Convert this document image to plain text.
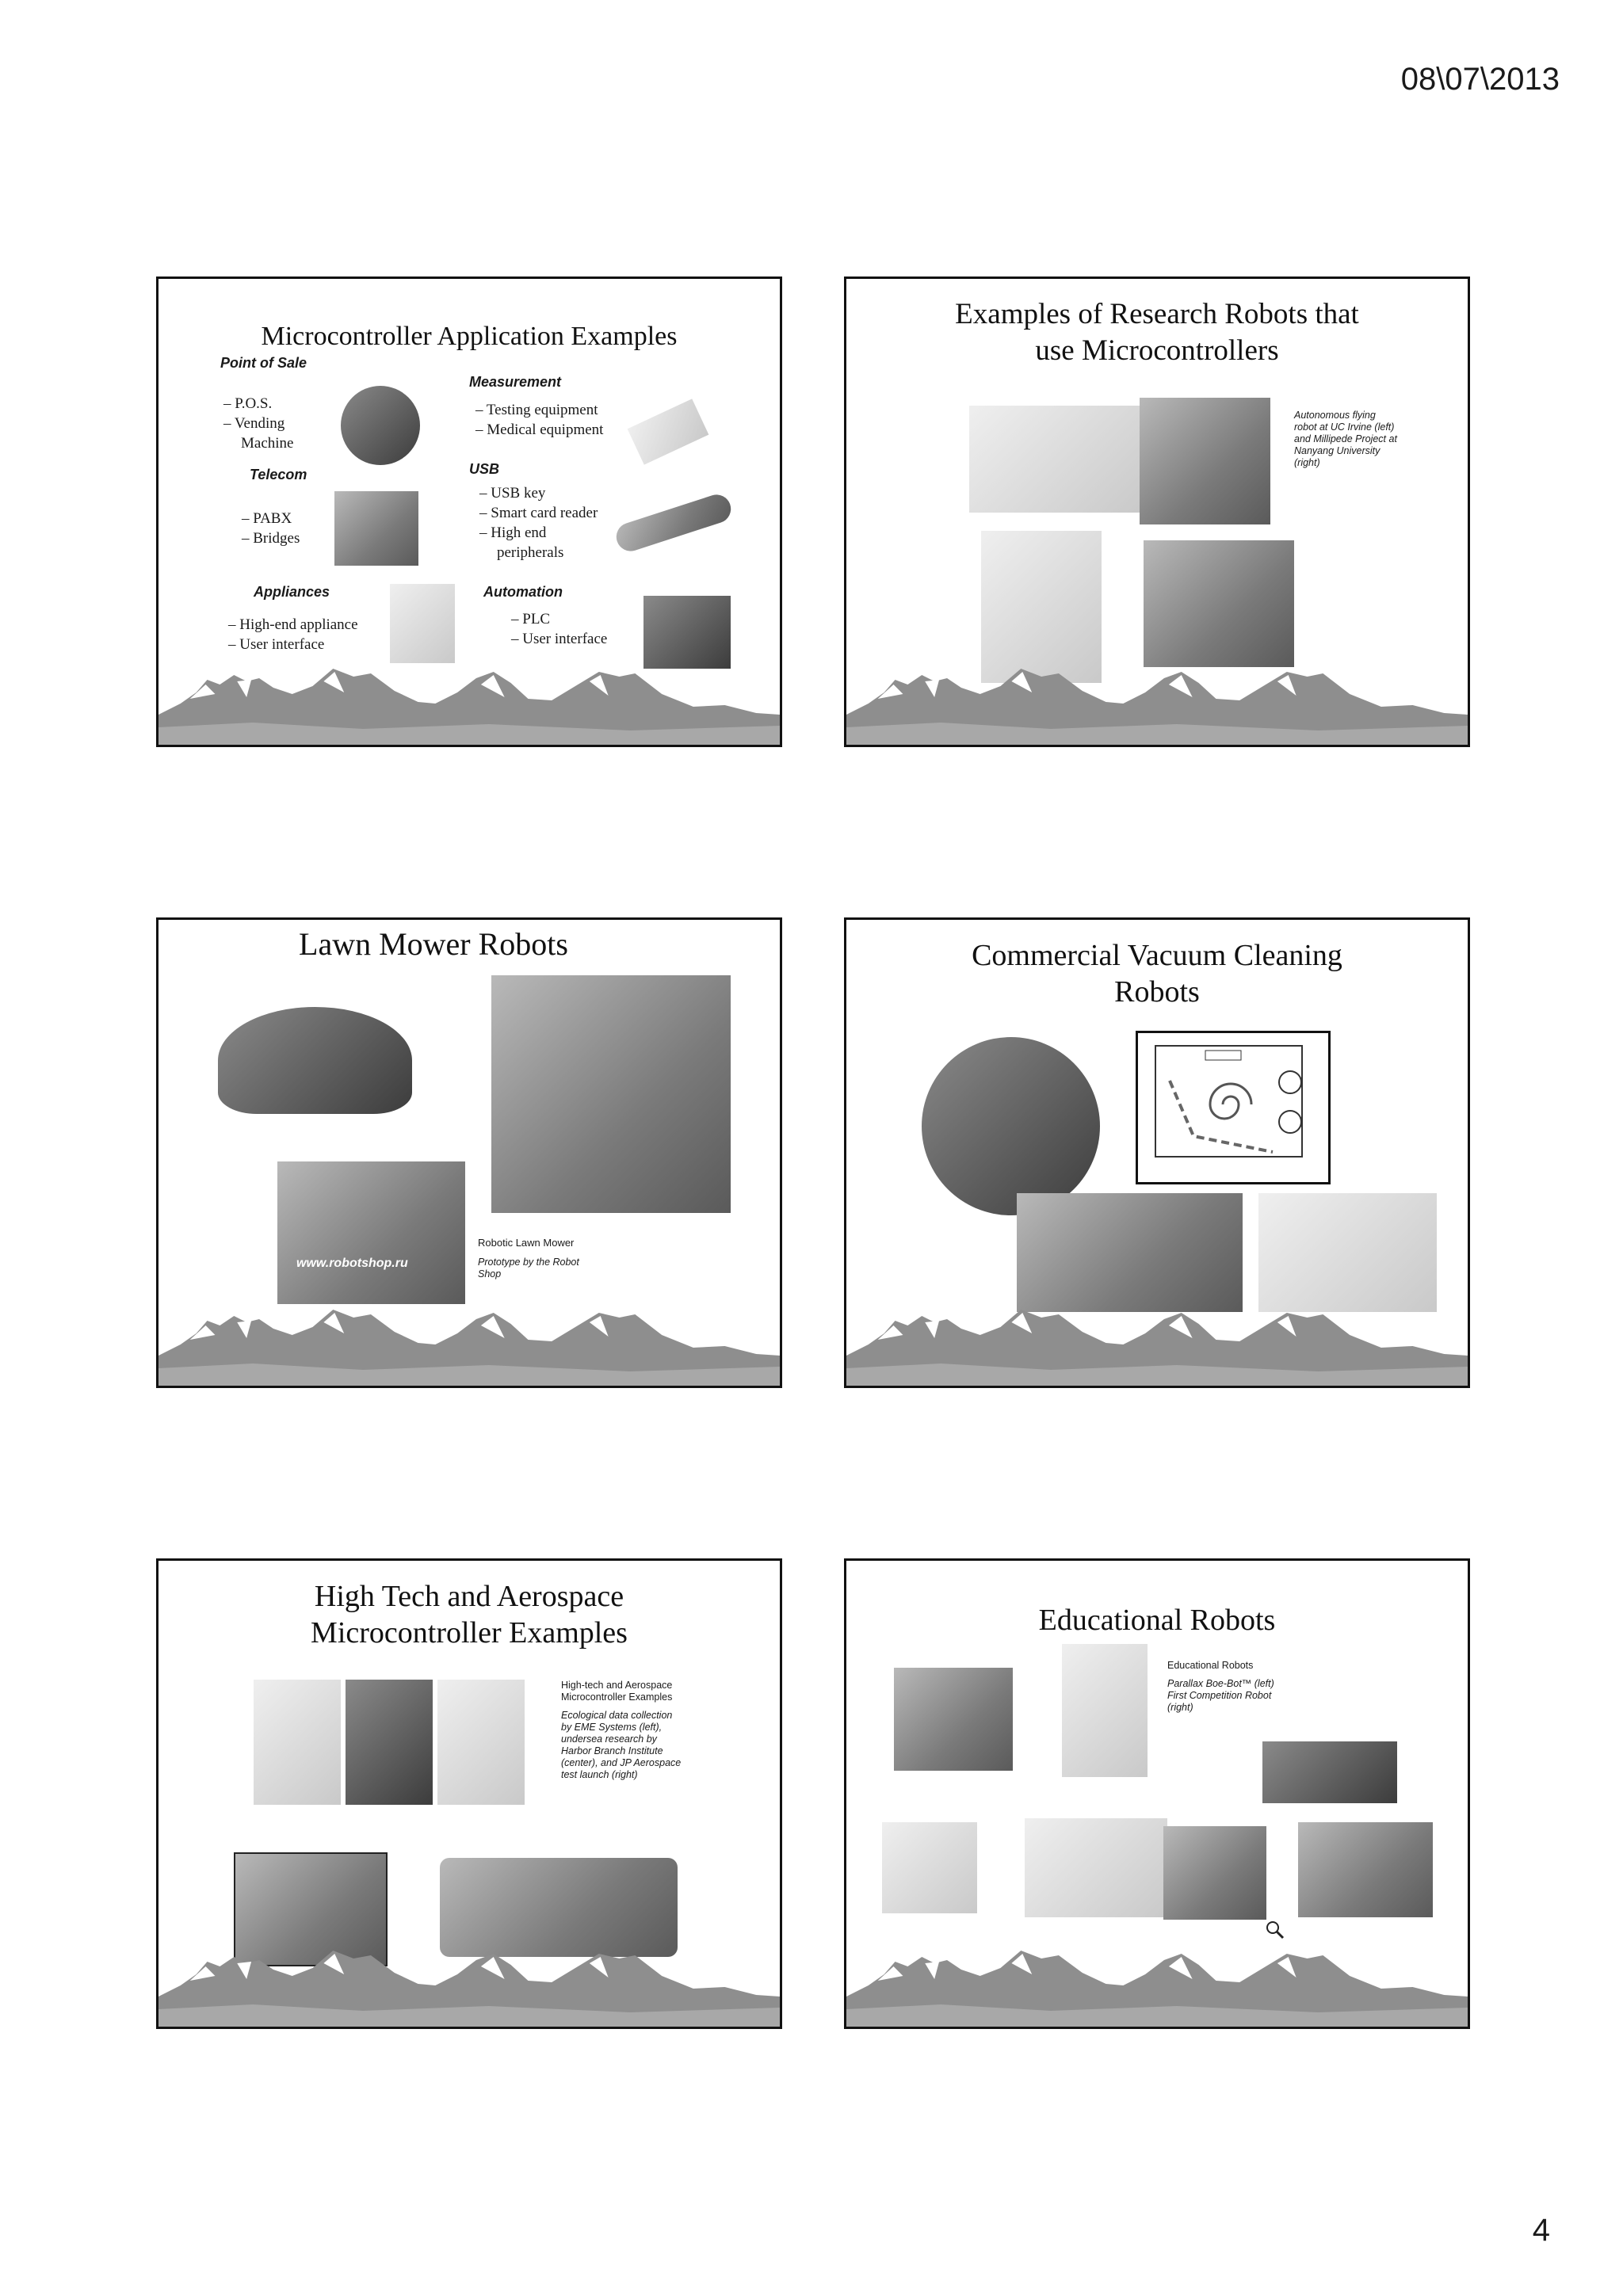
08\07\2013
Microcontroller Application Examples
Point of Sale
– P.O.S.
– Vending
Machine
Telecom
– PABX
– Bridges
Appliances
– High-end appliance
– User interface
Measurement
– Testing equipment
– Medical equipment
USB
– USB key
– Smart card reader
– High end
peripherals
Automation
– PLC
– User interface
Examples of Research Robots that
use Microcontrollers
Autonomous flying
robot at UC Irvine (left)
and Millipede Project at
Nanyang University
(right)
Lawn Mower Robots
www.robotshop.ru
Robotic Lawn Mower
Prototype by the Robot
Shop
Commercial Vacuum Cleaning
Robots
High Tech and Aerospace
Microcontroller Examples
High-tech and Aerospace
Microcontroller Examples
Ecological data collection
by EME Systems (left),
undersea research by
Harbor Branch Institute
(center), and JP Aerospace
test launch (right)
Educational Robots
Educational Robots
Parallax Boe-Bot™ (left)
First Competition Robot
(right)
4
